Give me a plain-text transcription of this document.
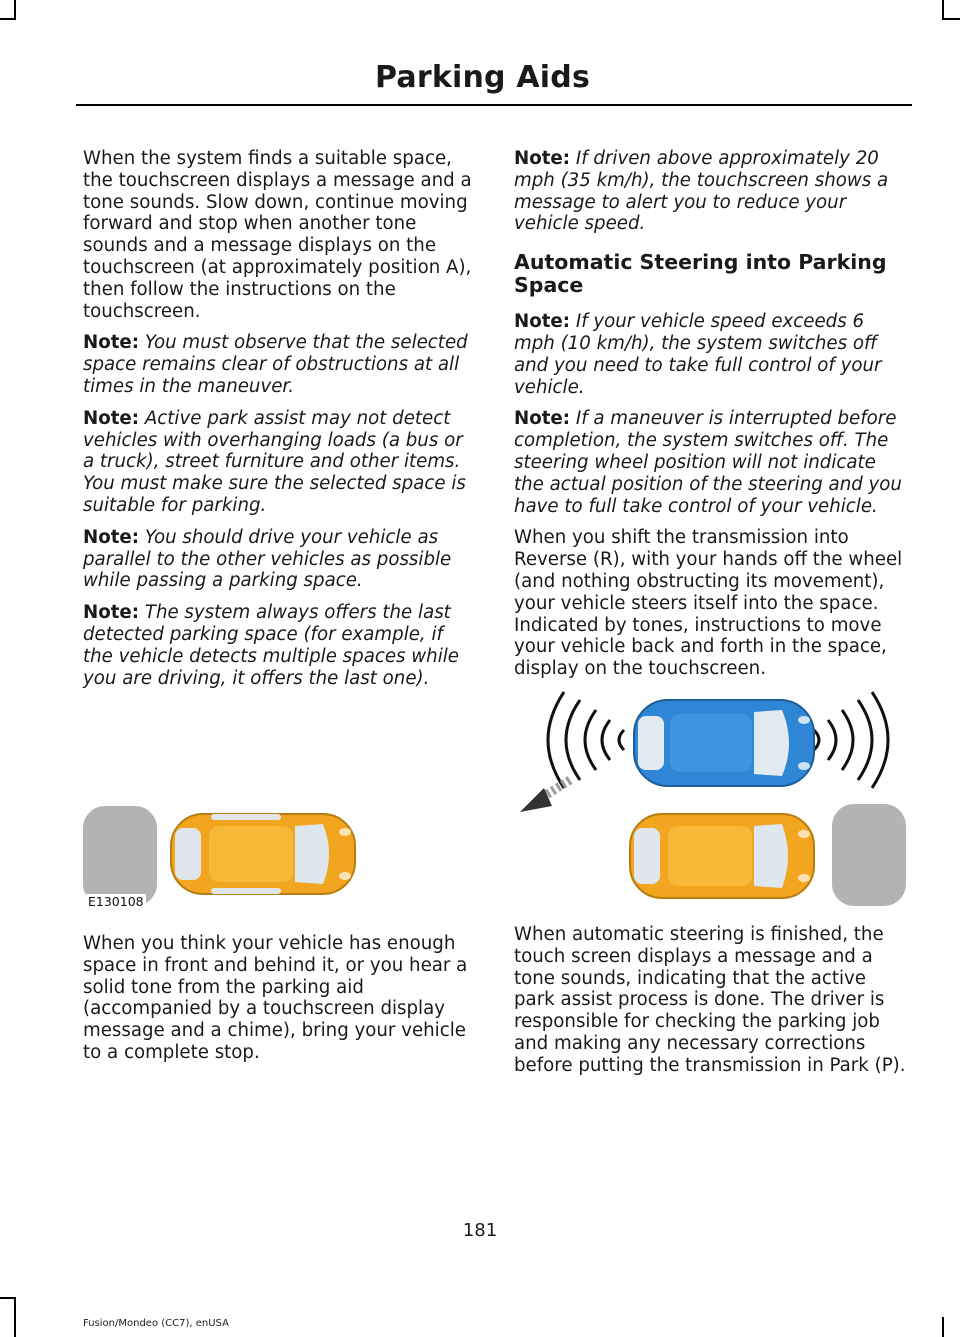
Parking Aids

When the system finds a suitable space, the touchscreen displays a message and a tone sounds. Slow down, continue moving forward and stop when another tone sounds and a message displays on the touchscreen (at approximately position A), then follow the instructions on the touchscreen.

Note: You must observe that the selected space remains clear of obstructions at all times in the maneuver.

Note: Active park assist may not detect vehicles with overhanging loads (a bus or a truck), street furniture and other items. You must make sure the selected space is suitable for parking.

Note: You should drive your vehicle as parallel to the other vehicles as possible while passing a parking space.

Note: The system always offers the last detected parking space (for example, if the vehicle detects multiple spaces while you are driving, it offers the last one).

E130108

When you think your vehicle has enough space in front and behind it, or you hear a solid tone from the parking aid (accompanied by a touchscreen display message and a chime), bring your vehicle to a complete stop.

Note: If driven above approximately 20 mph (35 km/h), the touchscreen shows a message to alert you to reduce your vehicle speed.

Automatic Steering into Parking Space

Note: If your vehicle speed exceeds 6 mph (10 km/h), the system switches off and you need to take full control of your vehicle.

Note: If a maneuver is interrupted before completion, the system switches off. The steering wheel position will not indicate the actual position of the steering and you have to full take control of your vehicle.

When you shift the transmission into Reverse (R), with your hands off the wheel (and nothing obstructing its movement), your vehicle steers itself into the space. Indicated by tones, instructions to move your vehicle back and forth in the space, display on the touchscreen.

When automatic steering is finished, the touch screen displays a message and a tone sounds, indicating that the active park assist process is done. The driver is responsible for checking the parking job and making any necessary corrections before putting the transmission in Park (P).

181
Fusion/Mondeo (CC7), enUSA
